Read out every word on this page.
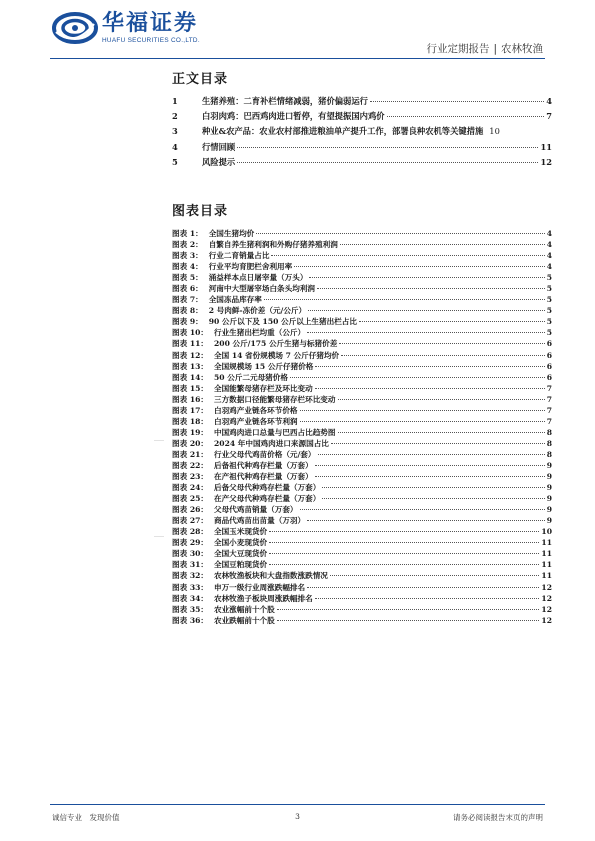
华福证券
HUAFU SECURITIES CO.,LTD.
行业定期报告 | 农林牧渔
正文目录
1	生猪养殖：二育补栏情绪减弱，猪价偏弱运行	4
2	白羽肉鸡：巴西鸡肉进口暂停，有望提振国内鸡价	7
3	种业&农产品：农业农村部推进粮油单产提升工作，部署良种农机等关键措施 10
4	行情回顾	11
5	风险提示	12
图表目录
图表 1： 全国生猪均价	4
图表 2： 自繁自养生猪利润和外购仔猪养殖利润	4
图表 3： 行业二育销量占比	4
图表 4： 行业平均育肥栏舍利用率	4
图表 5： 涌益样本点日屠宰量（万头）	5
图表 6： 河南中大型屠宰场白条头均利润	5
图表 7： 全国冻品库存率	5
图表 8： 2 号肉鲜-冻价差（元/公斤）	5
图表 9： 90 公斤以下及 150 公斤以上生猪出栏占比	5
图表 10： 行业生猪出栏均重（公斤）	5
图表 11： 200 公斤/175 公斤生猪与标猪价差	6
图表 12： 全国 14 省份规模场 7 公斤仔猪均价	6
图表 13： 全国规模场 15 公斤仔猪价格	6
图表 14： 50 公斤二元母猪价格	6
图表 15： 全国能繁母猪存栏及环比变动	7
图表 16： 三方数据口径能繁母猪存栏环比变动	7
图表 17： 白羽鸡产业链各环节价格	7
图表 18： 白羽鸡产业链各环节利润	7
图表 19： 中国鸡肉进口总量与巴西占比趋势图	8
图表 20： 2024 年中国鸡肉进口来源国占比	8
图表 21： 行业父母代鸡苗价格（元/套）	8
图表 22： 后备祖代种鸡存栏量（万套）	9
图表 23： 在产祖代种鸡存栏量（万套）	9
图表 24： 后备父母代种鸡存栏量（万套）	9
图表 25： 在产父母代种鸡存栏量（万套）	9
图表 26： 父母代鸡苗销量（万套）	9
图表 27： 商品代鸡苗出苗量（万羽）	9
图表 28： 全国玉米现货价	10
图表 29： 全国小麦现货价	11
图表 30： 全国大豆现货价	11
图表 31： 全国豆粕现货价	11
图表 32： 农林牧渔板块和大盘指数涨跌情况	11
图表 33： 申万一级行业周涨跌幅排名	12
图表 34： 农林牧渔子板块周涨跌幅排名	12
图表 35： 农业涨幅前十个股	12
图表 36： 农业跌幅前十个股	12
诚信专业　发现价值	3	请务必阅读报告末页的声明
